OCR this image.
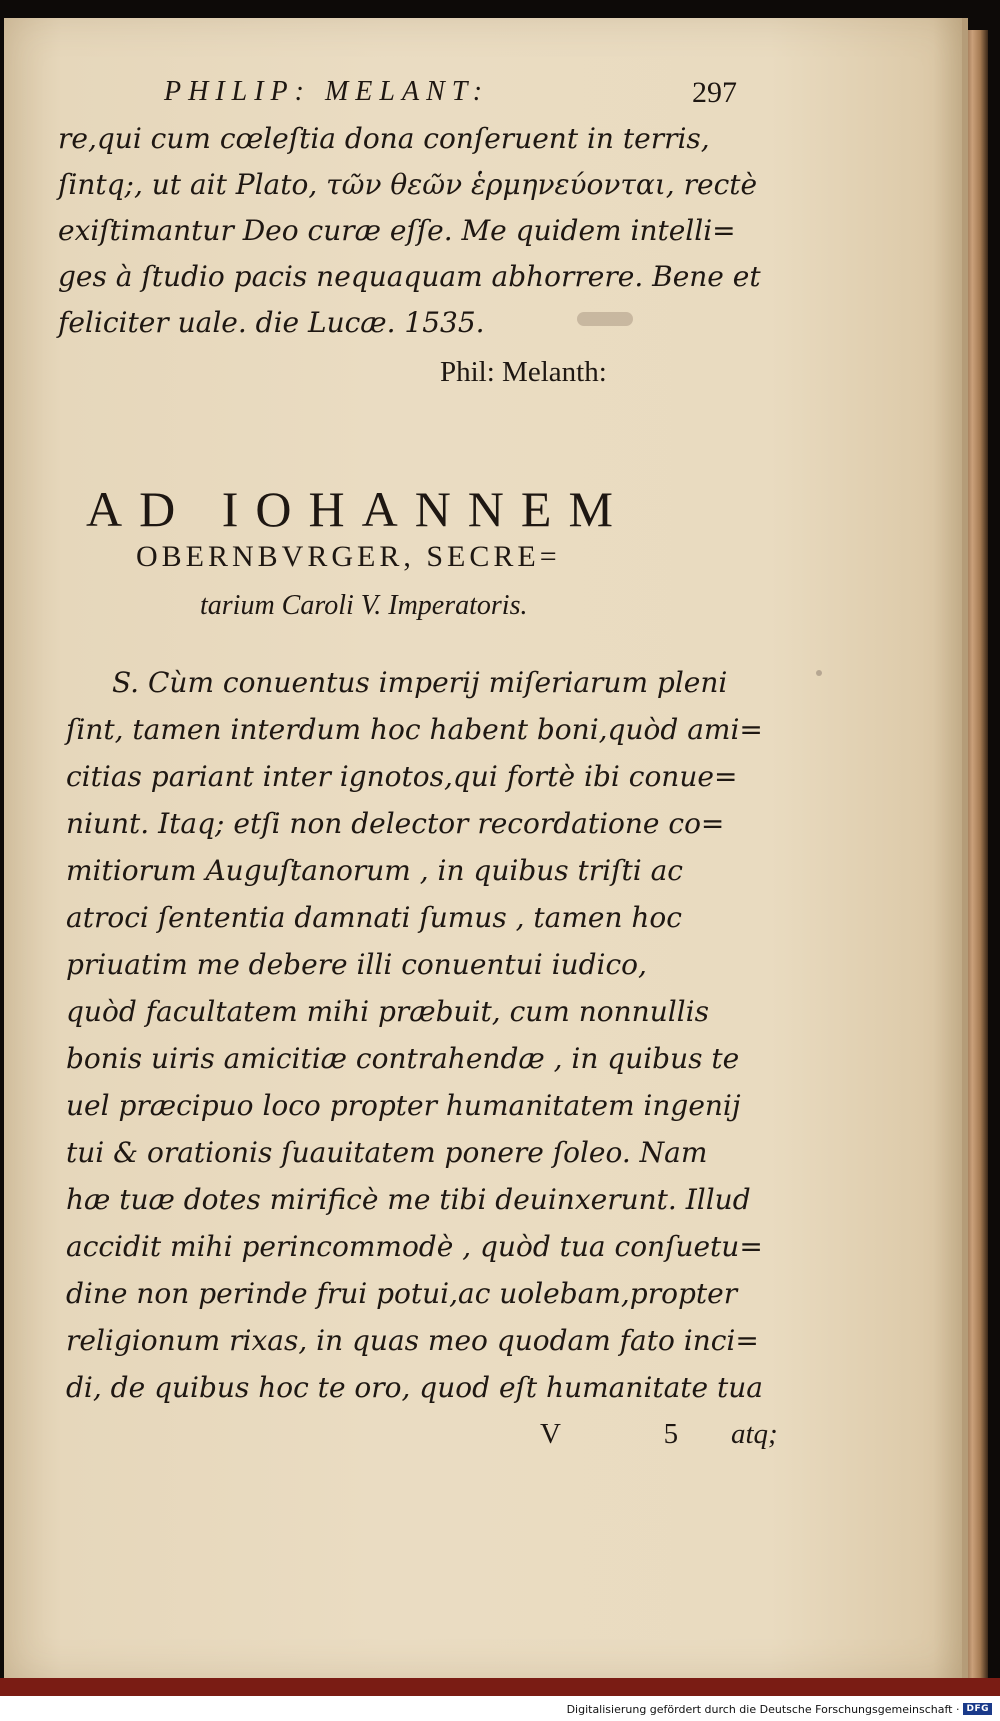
PHILIP: MELANT:	297
re,qui cum cœleſtia dona conſeruent in terris,
ſintq;, ut ait Plato, τῶν θεῶν ἑρμηνεύονται, rectè
exiſtimantur Deo curæ eſſe. Me quidem intelli=
ges à ſtudio pacis nequaquam abhorrere. Bene et
feliciter uale. die Lucæ. 1535.
Phil: Melanth:
AD IOHANNEM
OBERNBVRGER, SECRE=
tarium Caroli V. Imperatoris.
S. Cùm conuentus imperij miſeriarum pleni
ſint, tamen interdum hoc habent boni,quòd ami=
citias pariant inter ignotos,qui fortè ibi conue=
niunt. Itaq; etſi non delector recordatione co=
mitiorum Auguſtanorum , in quibus triſti ac
atroci ſententia damnati ſumus , tamen hoc
priuatim me debere illi conuentui iudico,
quòd facultatem mihi præbuit, cum nonnullis
bonis uiris amicitiæ contrahendæ , in quibus te
uel præcipuo loco propter humanitatem ingenij
tui & orationis ſuauitatem ponere ſoleo. Nam
hæ tuæ dotes mirificè me tibi deuinxerunt. Illud
accidit mihi perincommodè , quòd tua conſuetu=
dine non perinde frui potui,ac uolebam,propter
religionum rixas, in quas meo quodam fato inci=
di, de quibus hoc te oro, quod eſt humanitate tua
V 5 atq;
Digitalisierung gefördert durch die Deutsche Forschungsgemeinschaft · DFG
